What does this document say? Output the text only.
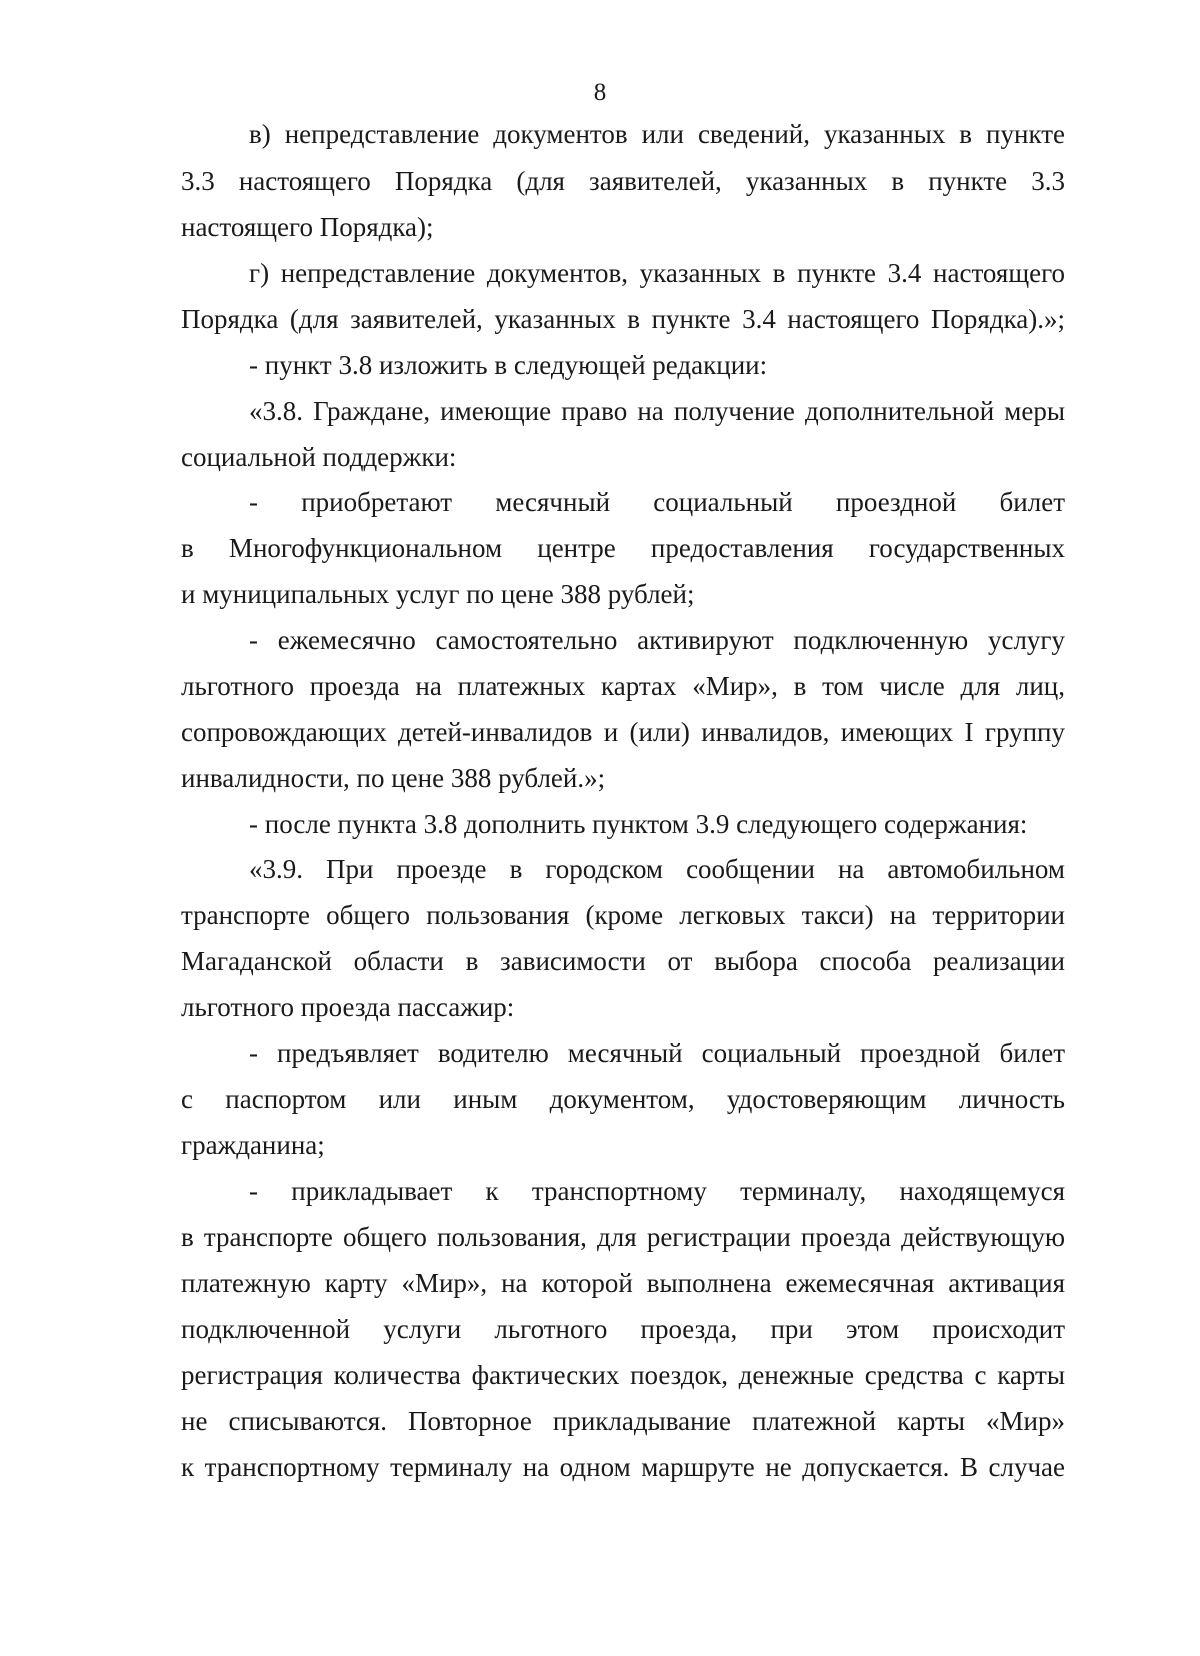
8
в) непредставление документов или сведений, указанных в пункте
3.3 настоящего Порядка (для заявителей, указанных в пункте 3.3
настоящего Порядка);
г) непредставление документов, указанных в пункте 3.4 настоящего
Порядка (для заявителей, указанных в пункте 3.4 настоящего Порядка).»;
- пункт 3.8 изложить в следующей редакции:
«3.8. Граждане, имеющие право на получение дополнительной меры
социальной поддержки:
- приобретают месячный социальный проездной билет
в Многофункциональном центре предоставления государственных
и муниципальных услуг по цене 388 рублей;
- ежемесячно самостоятельно активируют подключенную услугу
льготного проезда на платежных картах «Мир», в том числе для лиц,
сопровождающих детей-инвалидов и (или) инвалидов, имеющих I группу
инвалидности, по цене 388 рублей.»;
- после пункта 3.8 дополнить пунктом 3.9 следующего содержания:
«3.9. При проезде в городском сообщении на автомобильном
транспорте общего пользования (кроме легковых такси) на территории
Магаданской области в зависимости от выбора способа реализации
льготного проезда пассажир:
- предъявляет водителю месячный социальный проездной билет
с паспортом или иным документом, удостоверяющим личность
гражданина;
- прикладывает к транспортному терминалу, находящемуся
в транспорте общего пользования, для регистрации проезда действующую
платежную карту «Мир», на которой выполнена ежемесячная активация
подключенной услуги льготного проезда, при этом происходит
регистрация количества фактических поездок, денежные средства с карты
не списываются. Повторное прикладывание платежной карты «Мир»
к транспортному терминалу на одном маршруте не допускается. В случае
